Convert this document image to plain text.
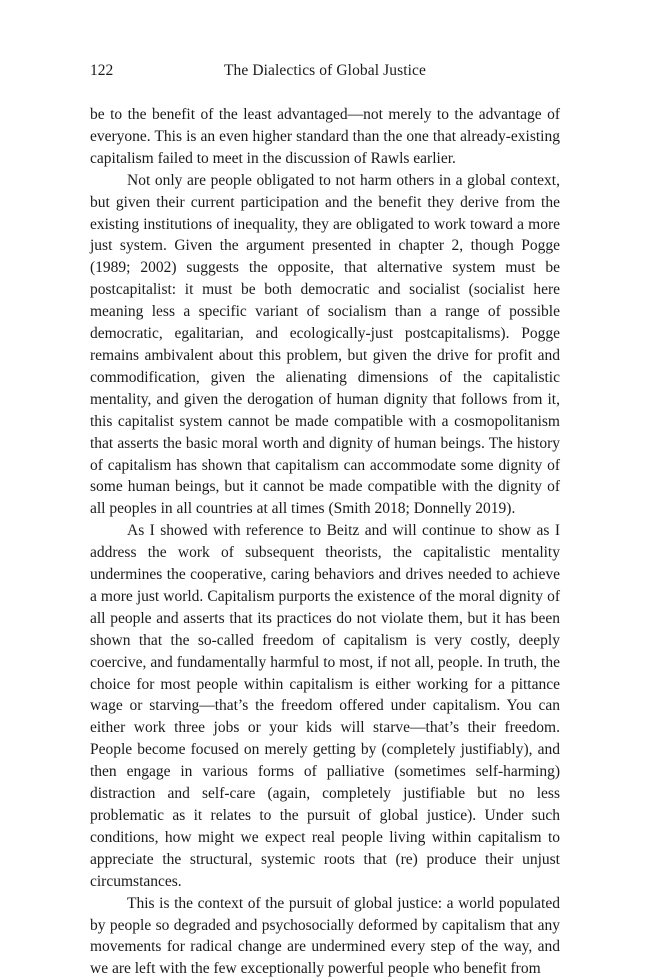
122	The Dialectics of Global Justice

be to the benefit of the least advantaged—not merely to the advantage of everyone. This is an even higher standard than the one that already-existing capitalism failed to meet in the discussion of Rawls earlier.

Not only are people obligated to not harm others in a global context, but given their current participation and the benefit they derive from the existing institutions of inequality, they are obligated to work toward a more just system. Given the argument presented in chapter 2, though Pogge (1989; 2002) suggests the opposite, that alternative system must be postcapitalist: it must be both democratic and socialist (socialist here meaning less a specific variant of socialism than a range of possible democratic, egalitarian, and ecologically-just postcapitalisms). Pogge remains ambivalent about this problem, but given the drive for profit and commodification, given the alienating dimensions of the capitalistic mentality, and given the derogation of human dignity that follows from it, this capitalist system cannot be made compatible with a cosmopolitanism that asserts the basic moral worth and dignity of human beings. The history of capitalism has shown that capitalism can accommodate some dignity of some human beings, but it cannot be made compatible with the dignity of all peoples in all countries at all times (Smith 2018; Donnelly 2019).

As I showed with reference to Beitz and will continue to show as I address the work of subsequent theorists, the capitalistic mentality undermines the cooperative, caring behaviors and drives needed to achieve a more just world. Capitalism purports the existence of the moral dignity of all people and asserts that its practices do not violate them, but it has been shown that the so-called freedom of capitalism is very costly, deeply coercive, and fundamentally harmful to most, if not all, people. In truth, the choice for most people within capitalism is either working for a pittance wage or starving—that’s the freedom offered under capitalism. You can either work three jobs or your kids will starve—that’s their freedom. People become focused on merely getting by (completely justifiably), and then engage in various forms of palliative (sometimes self-harming) distraction and self-care (again, completely justifiable but no less problematic as it relates to the pursuit of global justice). Under such conditions, how might we expect real people living within capitalism to appreciate the structural, systemic roots that (re) produce their unjust circumstances.

This is the context of the pursuit of global justice: a world populated by people so degraded and psychosocially deformed by capitalism that any movements for radical change are undermined every step of the way, and we are left with the few exceptionally powerful people who benefit from
